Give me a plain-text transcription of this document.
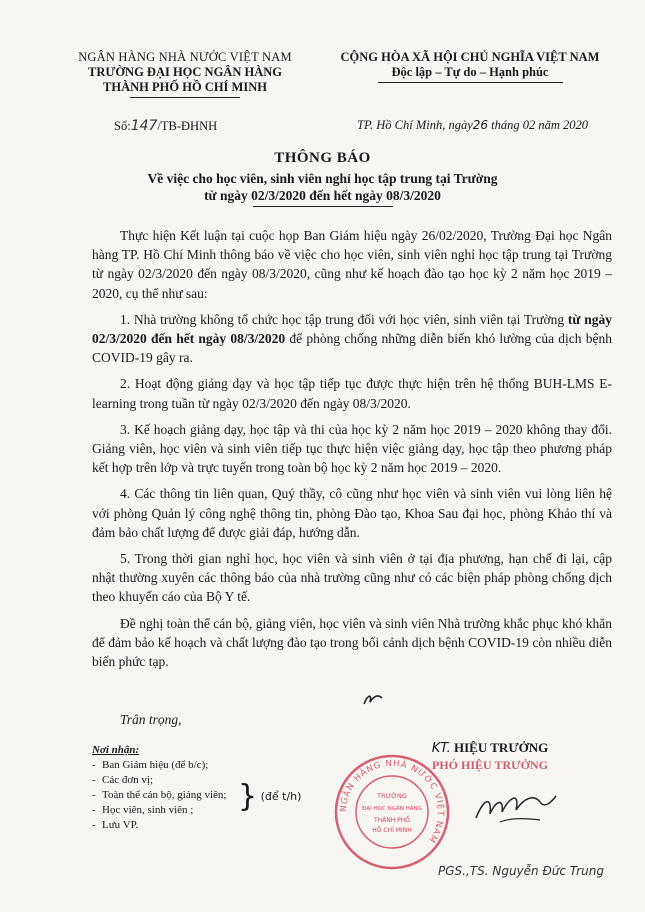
NGÂN HÀNG NHÀ NƯỚC VIỆT NAM
TRƯỜNG ĐẠI HỌC NGÂN HÀNG
THÀNH PHỐ HỒ CHÍ MINH
CỘNG HÒA XÃ HỘI CHỦ NGHĨA VIỆT NAM
Độc lập – Tự do – Hạnh phúc
Số:147/TB-ĐHNH	TP. Hồ Chí Minh, ngày26 tháng 02 năm 2020
THÔNG BÁO
Về việc cho học viên, sinh viên nghỉ học tập trung tại Trường
từ ngày 02/3/2020 đến hết ngày 08/3/2020

Thực hiện Kết luận tại cuộc họp Ban Giám hiệu ngày 26/02/2020, Trường Đại học Ngân hàng TP. Hồ Chí Minh thông báo về việc cho học viên, sinh viên nghỉ học tập trung tại Trường từ ngày 02/3/2020 đến ngày 08/3/2020, cũng như kế hoạch đào tạo học kỳ 2 năm học 2019 – 2020, cụ thể như sau:

1. Nhà trường không tổ chức học tập trung đối với học viên, sinh viên tại Trường từ ngày 02/3/2020 đến hết ngày 08/3/2020 để phòng chống những diễn biến khó lường của dịch bệnh COVID-19 gây ra.

2. Hoạt động giảng dạy và học tập tiếp tục được thực hiện trên hệ thống BUH-LMS E-learning trong tuần từ ngày 02/3/2020 đến ngày 08/3/2020.

3. Kế hoạch giảng dạy, học tập và thi của học kỳ 2 năm học 2019 – 2020 không thay đổi. Giảng viên, học viên và sinh viên tiếp tục thực hiện việc giảng dạy, học tập theo phương pháp kết hợp trên lớp và trực tuyến trong toàn bộ học kỳ 2 năm học 2019 – 2020.

4. Các thông tin liên quan, Quý thầy, cô cũng như học viên và sinh viên vui lòng liên hệ với phòng Quản lý công nghệ thông tin, phòng Đào tạo, Khoa Sau đại học, phòng Khảo thí và đảm bảo chất lượng để được giải đáp, hướng dẫn.

5. Trong thời gian nghỉ học, học viên và sinh viên ở tại địa phương, hạn chế đi lại, cập nhật thường xuyên các thông báo của nhà trường cũng như có các biện pháp phòng chống dịch theo khuyến cáo của Bộ Y tế.

Đề nghị toàn thể cán bộ, giảng viên, học viên và sinh viên Nhà trường khắc phục khó khăn để đảm bảo kế hoạch và chất lượng đào tạo trong bối cảnh dịch bệnh COVID-19 còn nhiều diễn biến phức tạp.

Trân trọng,
Nơi nhận:
- Ban Giám hiệu (để b/c);
- Các đơn vị;
- Toàn thể cán bộ, giảng viên;
- Học viên, sinh viên ;
- Lưu VP.
} (để t/h)
KT. HIỆU TRƯỞNG
PHÓ HIỆU TRƯỞNG
NGÂN HÀNG NHÀ NƯỚC VIỆT NAM
TRƯỜNG
ĐẠI HỌC NGÂN HÀNG
THÀNH PHỐ
HỒ CHÍ MINH
PGS.,TS. Nguyễn Đức Trung
